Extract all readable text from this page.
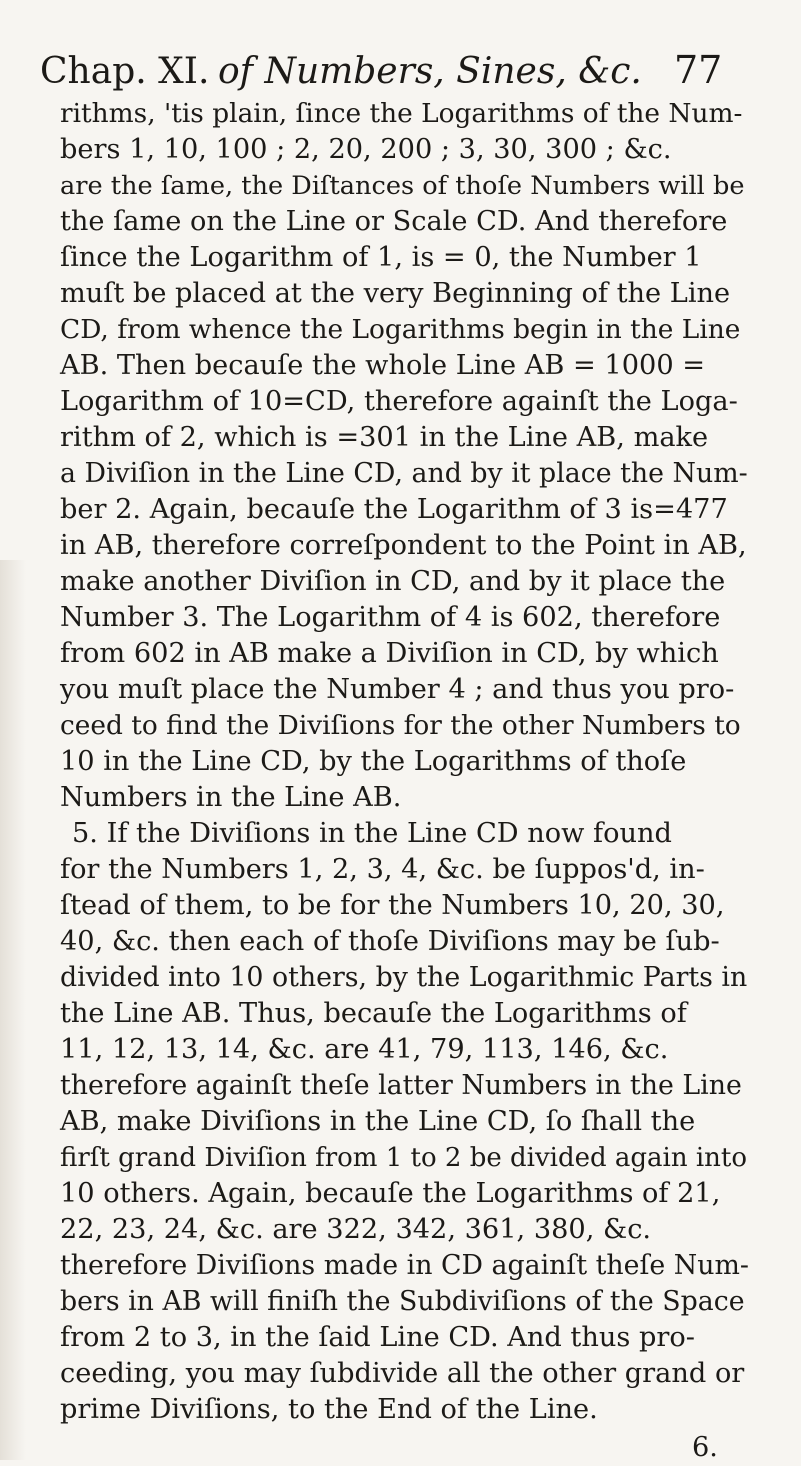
Chap. XI. of Numbers, Sines, &c. 77
rithms, 'tis plain, ſince the Logarithms of the Num-
bers 1, 10, 100 ; 2, 20, 200 ; 3, 30, 300 ; &c.
are the ſame, the Diſtances of thoſe Numbers will be
the ſame on the Line or Scale CD. And therefore
ſince the Logarithm of 1, is = 0, the Number 1
muſt be placed at the very Beginning of the Line
CD, from whence the Logarithms begin in the Line
AB. Then becauſe the whole Line AB = 1000 =
Logarithm of 10=CD, therefore againſt the Loga-
rithm of 2, which is =301 in the Line AB, make
a Diviſion in the Line CD, and by it place the Num-
ber 2. Again, becauſe the Logarithm of 3 is=477
in AB, therefore correſpondent to the Point in AB,
make another Diviſion in CD, and by it place the
Number 3. The Logarithm of 4 is 602, therefore
from 602 in AB make a Diviſion in CD, by which
you muſt place the Number 4 ; and thus you pro-
ceed to find the Diviſions for the other Numbers to
10 in the Line CD, by the Logarithms of thoſe
Numbers in the Line AB.
5. If the Diviſions in the Line CD now found
for the Numbers 1, 2, 3, 4, &c. be ſuppos'd, in-
ſtead of them, to be for the Numbers 10, 20, 30,
40, &c. then each of thoſe Diviſions may be ſub-
divided into 10 others, by the Logarithmic Parts in
the Line AB. Thus, becauſe the Logarithms of
11, 12, 13, 14, &c. are 41, 79, 113, 146, &c.
therefore againſt theſe latter Numbers in the Line
AB, make Diviſions in the Line CD, ſo ſhall the
firſt grand Diviſion from 1 to 2 be divided again into
10 others. Again, becauſe the Logarithms of 21,
22, 23, 24, &c. are 322, 342, 361, 380, &c.
therefore Diviſions made in CD againſt theſe Num-
bers in AB will finiſh the Subdiviſions of the Space
from 2 to 3, in the ſaid Line CD. And thus pro-
ceeding, you may ſubdivide all the other grand or
prime Diviſions, to the End of the Line.
6.
